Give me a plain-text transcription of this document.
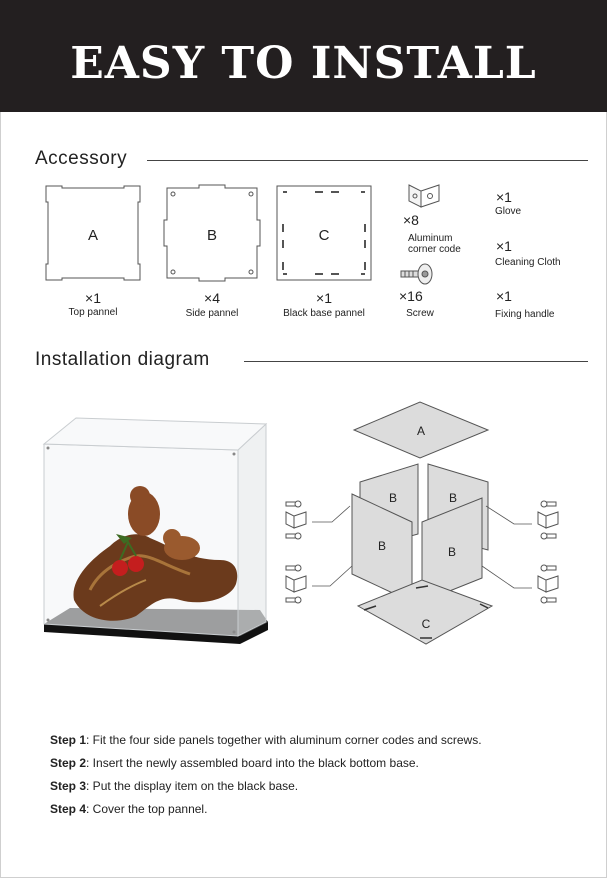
EASY TO INSTALL
Accessory
A
×1
Top pannel
B
×4
Side pannel
C
×1
Black base pannel
×8
Aluminum
corner code
×16
Screw
×1
Glove
×1
Cleaning Cloth
×1
Fixing handle
Installation diagram
A
B	B
B	B
C
Step 1: Fit the four side panels together with aluminum corner codes and screws.
Step 2: Insert the newly assembled board into the black bottom base.
Step 3: Put the display item on the black base.
Step 4: Cover the top pannel.
